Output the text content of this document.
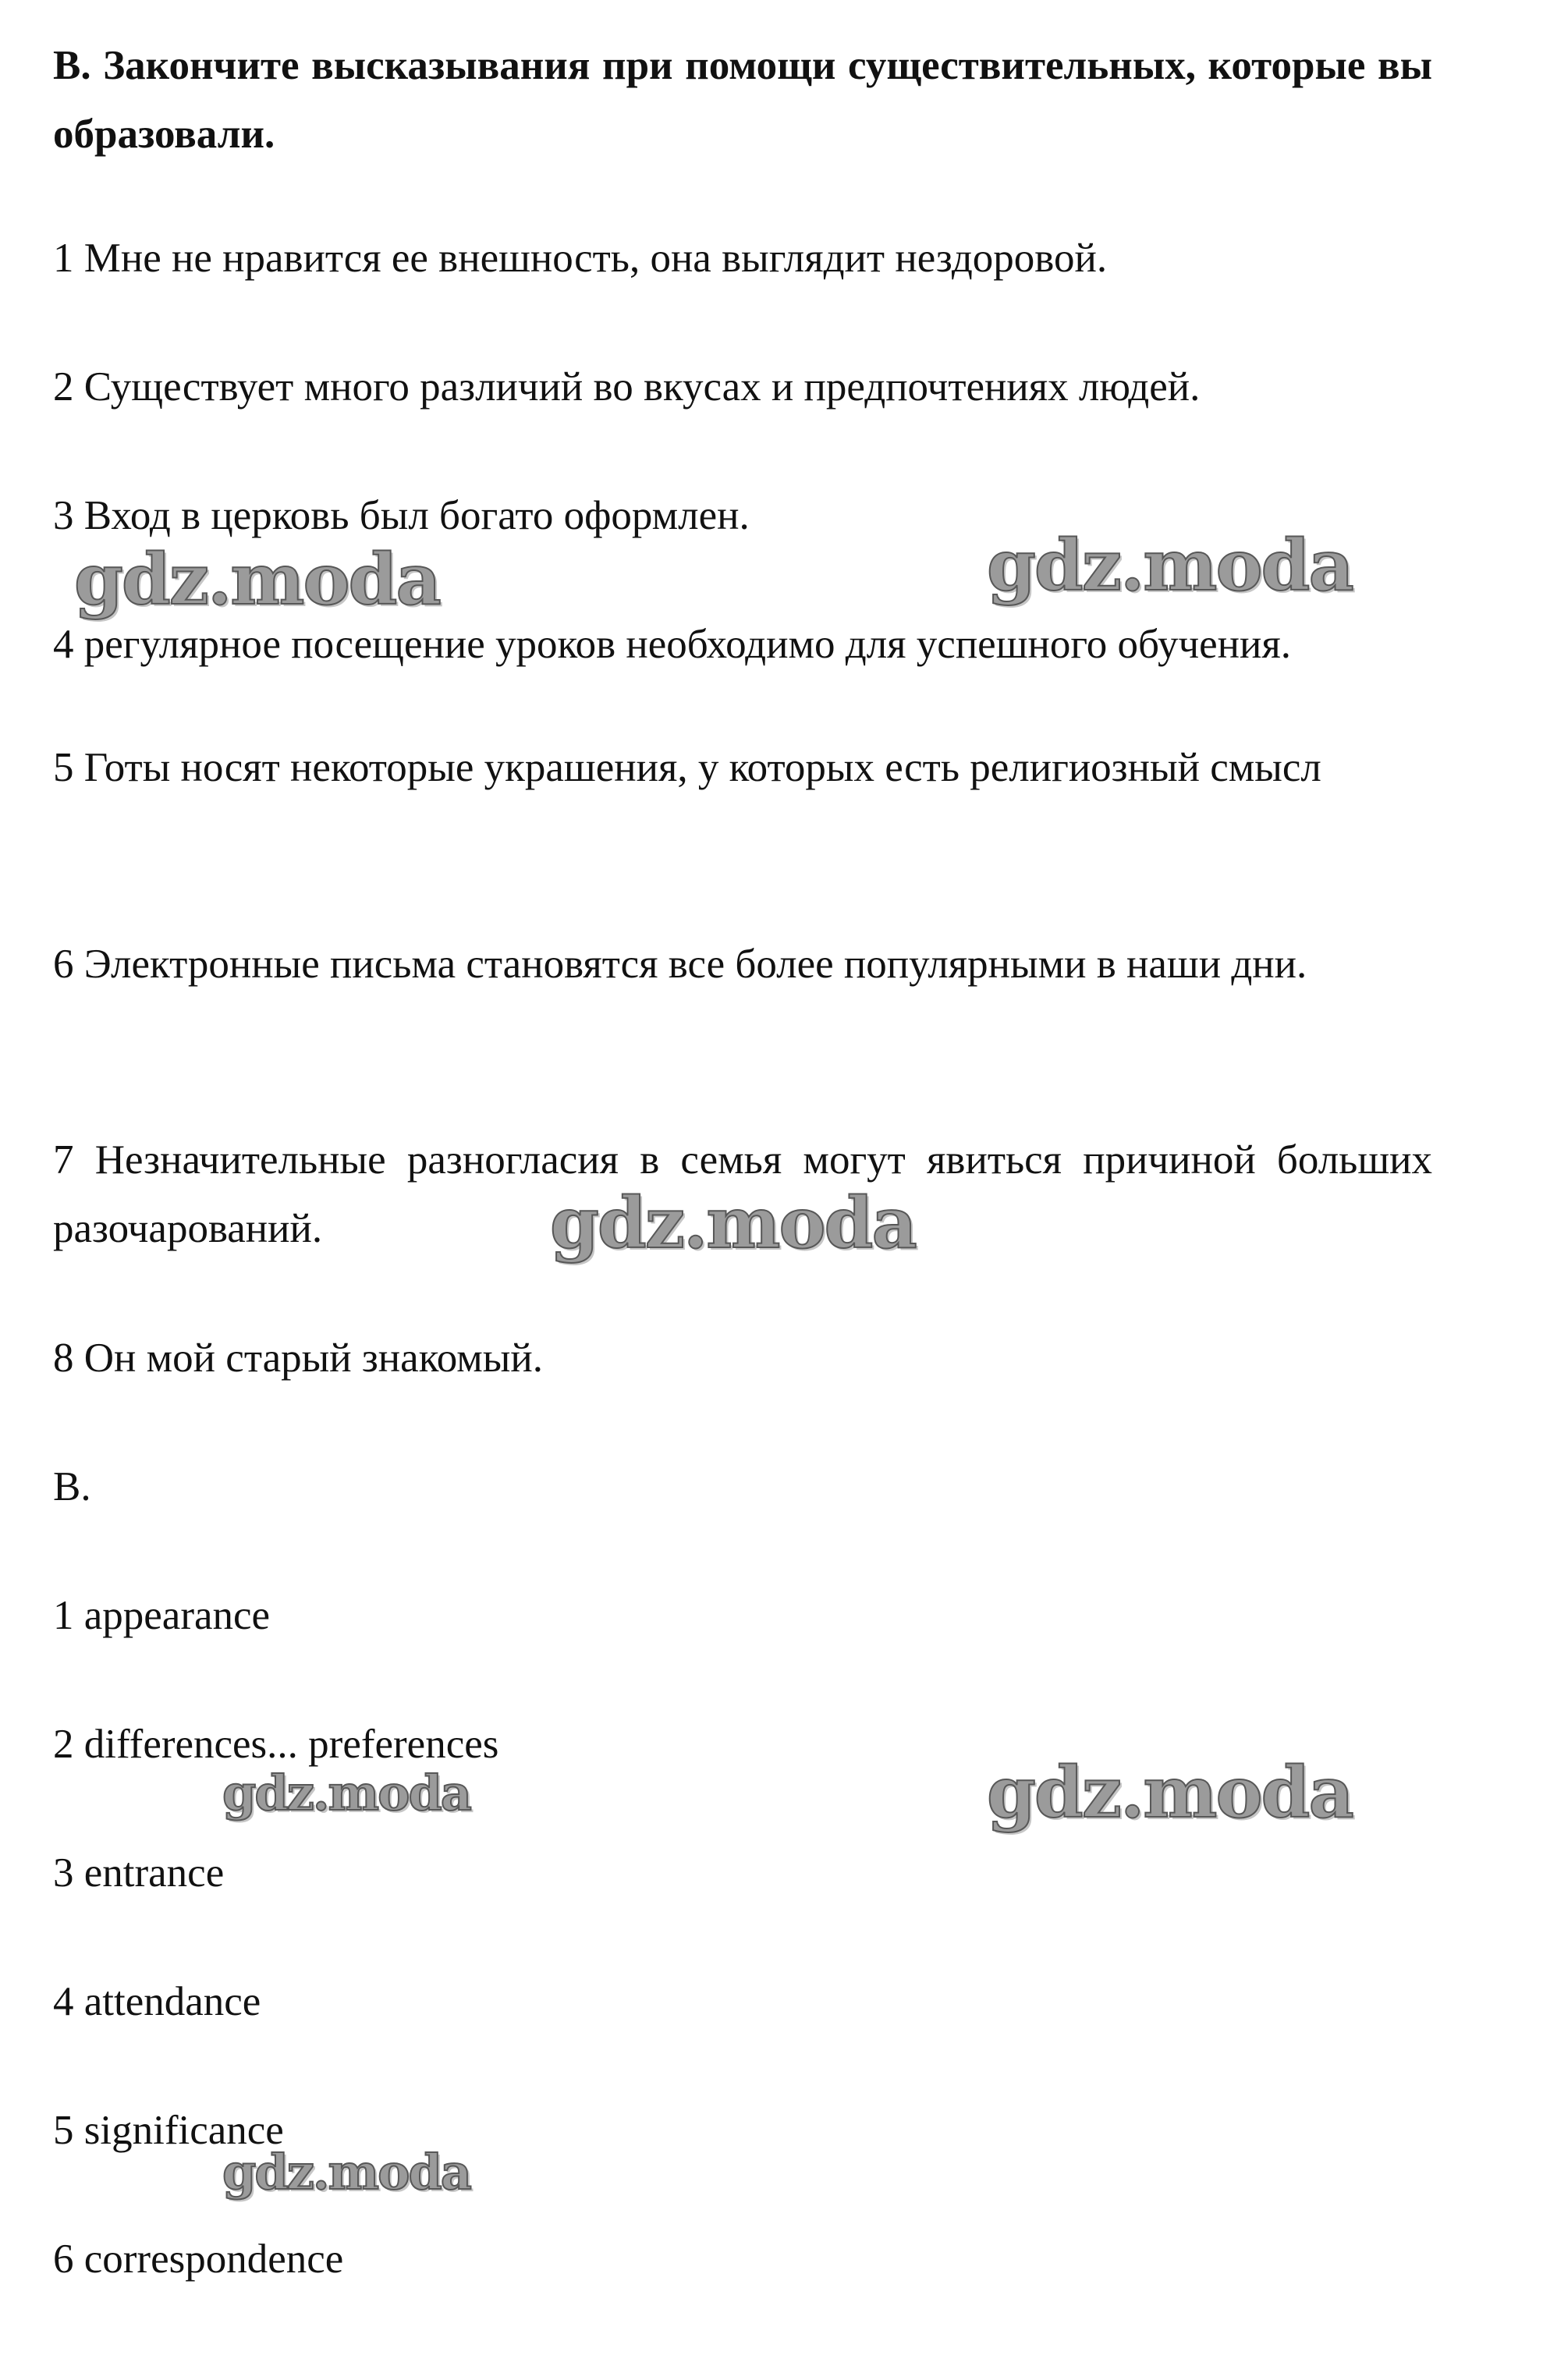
B. Закончите высказывания при помощи существительных, которые вы образовали.
1 Мне не нравится ее внешность, она выглядит нездоровой.
2 Существует много различий во вкусах и предпочтениях людей.
3 Вход в церковь был богато оформлен.
4 регулярное посещение уроков необходимо для успешного обучения.
5 Готы носят некоторые украшения, у которых есть религиозный смысл
6 Электронные письма становятся все более популярными в наши дни.
7 Незначительные разногласия в семья могут явиться причиной больших разочарований.
8 Он мой старый знакомый.
B.
1 appearance
2 differences... preferences
3 entrance
4 attendance
5 significance
6 correspondence
gdz.moda	gdz.moda
gdz.moda
gdz.moda	gdz.moda
gdz.moda
